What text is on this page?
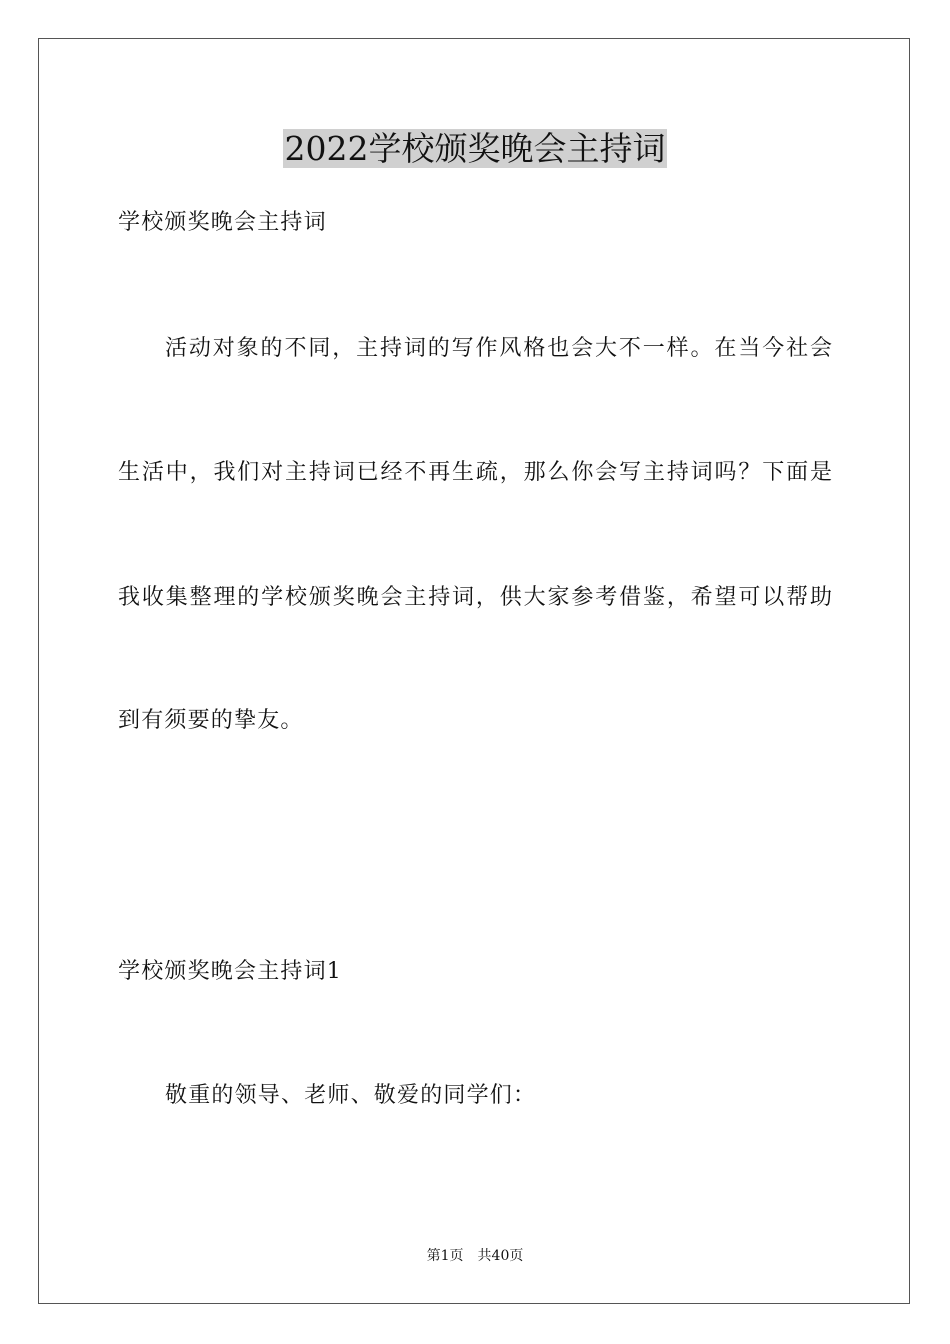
2022学校颁奖晚会主持词
学校颁奖晚会主持词
活动对象的不同，主持词的写作风格也会大不一样。在当今社会
生活中，我们对主持词已经不再生疏，那么你会写主持词吗？下面是
我收集整理的学校颁奖晚会主持词，供大家参考借鉴，希望可以帮助
到有须要的挚友。
学校颁奖晚会主持词1
敬重的领导、老师、敬爱的同学们：
第1页 共40页
